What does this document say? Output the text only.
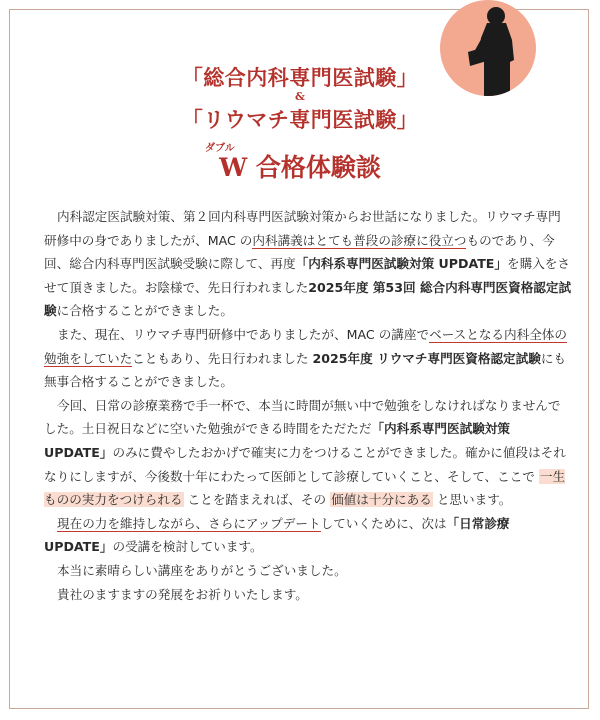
「総合内科専門医試験」
&
「リウマチ専門医試験」
ダブル
W 合格体験談

内科認定医試験対策、第２回内科専門医試験対策からお世話になりました。リウマチ専門研修中の身でありましたが、MAC の内科講義はとても普段の診療に役立つものであり、今回、総合内科専門医試験受験に際して、再度「内科系専門医試験対策 UPDATE」を購入をさせて頂きました。お陰様で、先日行われました2025年度 第53回 総合内科専門医資格認定試験に合格することができました。

また、現在、リウマチ専門研修中でありましたが、MAC の講座でベースとなる内科全体の勉強をしていたこともあり、先日行われました 2025年度 リウマチ専門医資格認定試験にも無事合格することができました。

今回、日常の診療業務で手一杯で、本当に時間が無い中で勉強をしなければなりませんでした。土日祝日などに空いた勉強ができる時間をただただ「内科系専門医試験対策 UPDATE」のみに費やしたおかげで確実に力をつけることができました。確かに値段はそれなりにしますが、今後数十年にわたって医師として診療していくこと、そして、ここで 一生ものの実力をつけられる ことを踏まえれば、その 価値は十分にある と思います。

現在の力を維持しながら、さらにアップデートしていくために、次は「日常診療 UPDATE」の受講を検討しています。

本当に素晴らしい講座をありがとうございました。

貴社のますますの発展をお祈りいたします。
